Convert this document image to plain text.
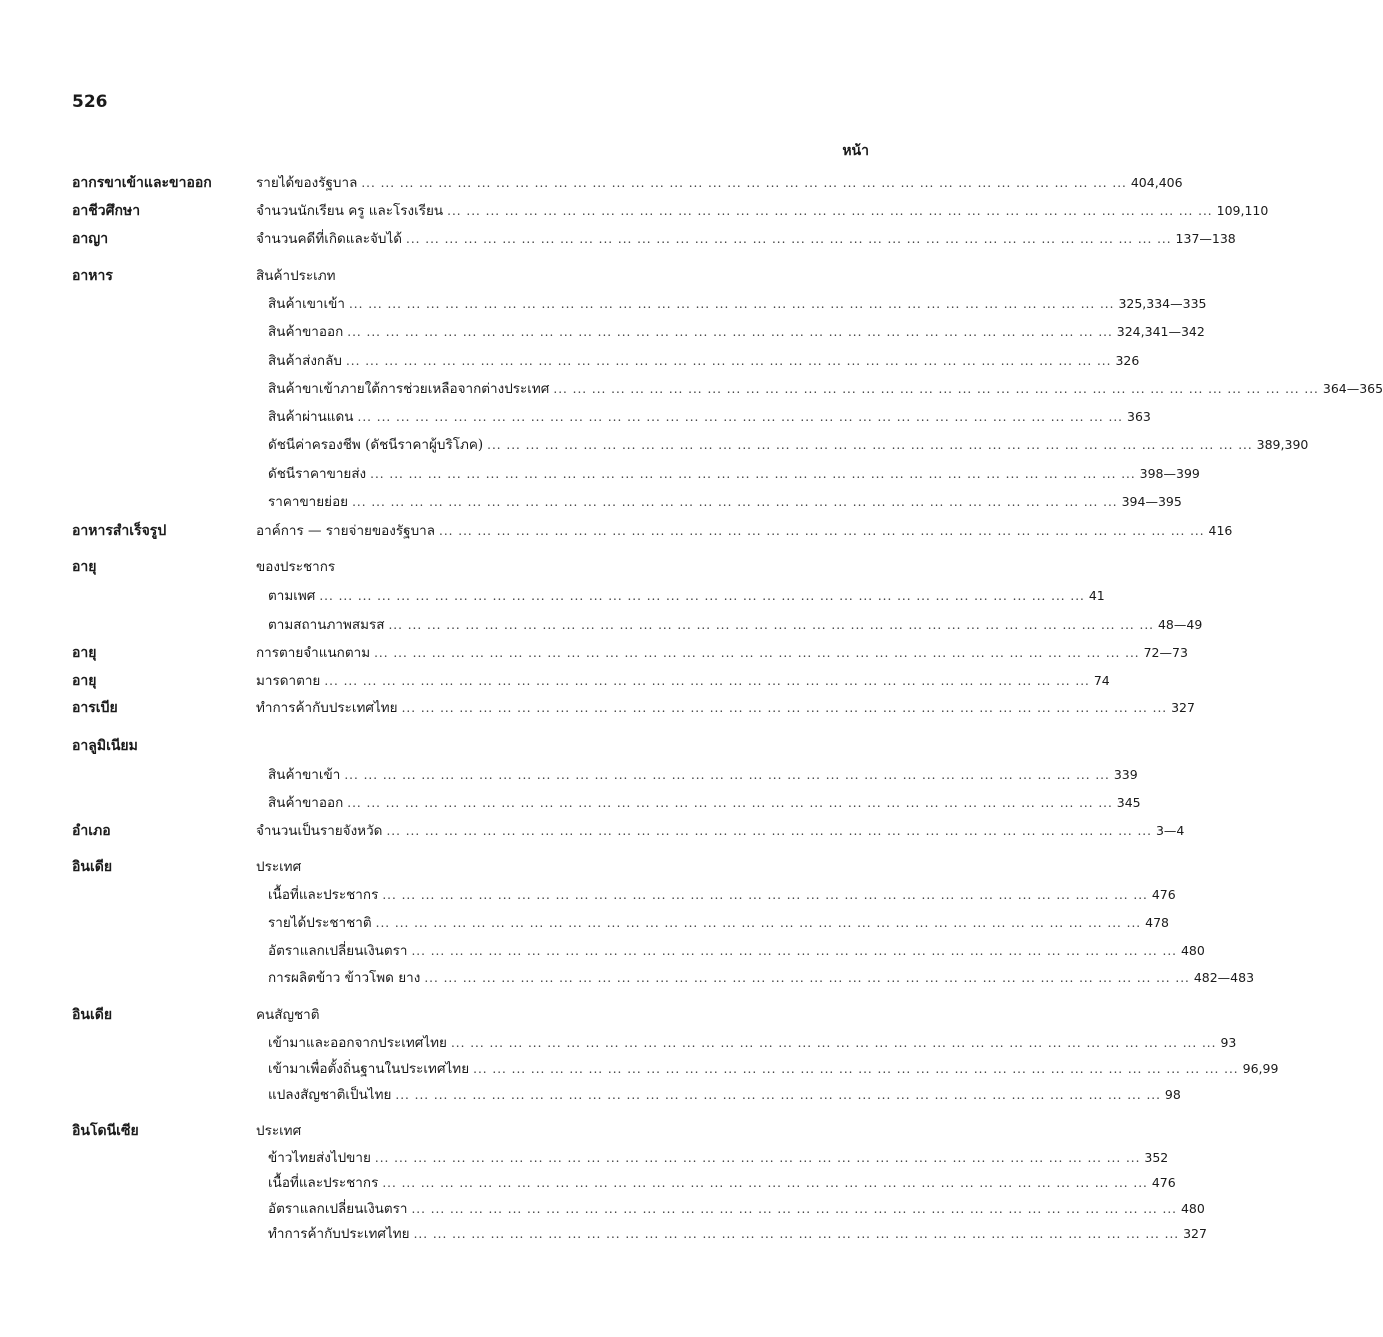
526
หน้า
อากรขาเข้าและขาออก	รายได้ของรัฐบาล ... ... ... ... ... ... ... ... ... ... ... ... ... ... ... ... ... ... ... ... ... ... ... ... ... ... ... ... ... ... ... ... ... ... ... ... ... ... ... ... 404,406
อาชีวศึกษา	จำนวนนักเรียน ครู และโรงเรียน ... ... ... ... ... ... ... ... ... ... ... ... ... ... ... ... ... ... ... ... ... ... ... ... ... ... ... ... ... ... ... ... ... ... ... ... ... ... ... ... 109,110
อาญา	จำนวนคดีที่เกิดและจับได้ ... ... ... ... ... ... ... ... ... ... ... ... ... ... ... ... ... ... ... ... ... ... ... ... ... ... ... ... ... ... ... ... ... ... ... ... ... ... ... ... 137—138
อาหาร	สินค้าประเภท
สินค้าเขาเข้า ... ... ... ... ... ... ... ... ... ... ... ... ... ... ... ... ... ... ... ... ... ... ... ... ... ... ... ... ... ... ... ... ... ... ... ... ... ... ... ... 325,334—335
สินค้าขาออก ... ... ... ... ... ... ... ... ... ... ... ... ... ... ... ... ... ... ... ... ... ... ... ... ... ... ... ... ... ... ... ... ... ... ... ... ... ... ... ... 324,341—342
สินค้าส่งกลับ ... ... ... ... ... ... ... ... ... ... ... ... ... ... ... ... ... ... ... ... ... ... ... ... ... ... ... ... ... ... ... ... ... ... ... ... ... ... ... ... 326
สินค้าขาเข้าภายใต้การช่วยเหลือจากต่างประเทศ ... ... ... ... ... ... ... ... ... ... ... ... ... ... ... ... ... ... ... ... ... ... ... ... ... ... ... ... ... ... ... ... ... ... ... ... ... ... ... ... 364—365
สินค้าผ่านแดน ... ... ... ... ... ... ... ... ... ... ... ... ... ... ... ... ... ... ... ... ... ... ... ... ... ... ... ... ... ... ... ... ... ... ... ... ... ... ... ... 363
ดัชนีค่าครองชีพ (ดัชนีราคาผู้บริโภค) ... ... ... ... ... ... ... ... ... ... ... ... ... ... ... ... ... ... ... ... ... ... ... ... ... ... ... ... ... ... ... ... ... ... ... ... ... ... ... ... 389,390
ดัชนีราคาขายส่ง ... ... ... ... ... ... ... ... ... ... ... ... ... ... ... ... ... ... ... ... ... ... ... ... ... ... ... ... ... ... ... ... ... ... ... ... ... ... ... ... 398—399
ราคาขายย่อย ... ... ... ... ... ... ... ... ... ... ... ... ... ... ... ... ... ... ... ... ... ... ... ... ... ... ... ... ... ... ... ... ... ... ... ... ... ... ... ... 394—395
อาหารสำเร็จรูป	อาค์การ — รายจ่ายของรัฐบาล ... ... ... ... ... ... ... ... ... ... ... ... ... ... ... ... ... ... ... ... ... ... ... ... ... ... ... ... ... ... ... ... ... ... ... ... ... ... ... ... 416
อายุ	ของประชากร
ตามเพศ ... ... ... ... ... ... ... ... ... ... ... ... ... ... ... ... ... ... ... ... ... ... ... ... ... ... ... ... ... ... ... ... ... ... ... ... ... ... ... ... 41
ตามสถานภาพสมรส ... ... ... ... ... ... ... ... ... ... ... ... ... ... ... ... ... ... ... ... ... ... ... ... ... ... ... ... ... ... ... ... ... ... ... ... ... ... ... ... 48—49
อายุ	การตายจำแนกตาม ... ... ... ... ... ... ... ... ... ... ... ... ... ... ... ... ... ... ... ... ... ... ... ... ... ... ... ... ... ... ... ... ... ... ... ... ... ... ... ... 72—73
อายุ	มารดาตาย ... ... ... ... ... ... ... ... ... ... ... ... ... ... ... ... ... ... ... ... ... ... ... ... ... ... ... ... ... ... ... ... ... ... ... ... ... ... ... ... 74
อารเบีย	ทำการค้ากับประเทศไทย ... ... ... ... ... ... ... ... ... ... ... ... ... ... ... ... ... ... ... ... ... ... ... ... ... ... ... ... ... ... ... ... ... ... ... ... ... ... ... ... 327
อาลูมิเนียม
สินค้าขาเข้า ... ... ... ... ... ... ... ... ... ... ... ... ... ... ... ... ... ... ... ... ... ... ... ... ... ... ... ... ... ... ... ... ... ... ... ... ... ... ... ... 339
สินค้าขาออก ... ... ... ... ... ... ... ... ... ... ... ... ... ... ... ... ... ... ... ... ... ... ... ... ... ... ... ... ... ... ... ... ... ... ... ... ... ... ... ... 345
อำเภอ	จำนวนเป็นรายจังหวัด ... ... ... ... ... ... ... ... ... ... ... ... ... ... ... ... ... ... ... ... ... ... ... ... ... ... ... ... ... ... ... ... ... ... ... ... ... ... ... ... 3—4
อินเดีย	ประเทศ
เนื้อที่และประชากร ... ... ... ... ... ... ... ... ... ... ... ... ... ... ... ... ... ... ... ... ... ... ... ... ... ... ... ... ... ... ... ... ... ... ... ... ... ... ... ... 476
รายได้ประชาชาติ ... ... ... ... ... ... ... ... ... ... ... ... ... ... ... ... ... ... ... ... ... ... ... ... ... ... ... ... ... ... ... ... ... ... ... ... ... ... ... ... 478
อัตราแลกเปลี่ยนเงินตรา ... ... ... ... ... ... ... ... ... ... ... ... ... ... ... ... ... ... ... ... ... ... ... ... ... ... ... ... ... ... ... ... ... ... ... ... ... ... ... ... 480
การผลิตข้าว ข้าวโพด ยาง ... ... ... ... ... ... ... ... ... ... ... ... ... ... ... ... ... ... ... ... ... ... ... ... ... ... ... ... ... ... ... ... ... ... ... ... ... ... ... ... 482—483
อินเดีย	คนสัญชาติ
เข้ามาและออกจากประเทศไทย ... ... ... ... ... ... ... ... ... ... ... ... ... ... ... ... ... ... ... ... ... ... ... ... ... ... ... ... ... ... ... ... ... ... ... ... ... ... ... ... 93
เข้ามาเพื่อตั้งถิ่นฐานในประเทศไทย ... ... ... ... ... ... ... ... ... ... ... ... ... ... ... ... ... ... ... ... ... ... ... ... ... ... ... ... ... ... ... ... ... ... ... ... ... ... ... ... 96,99
แปลงสัญชาติเป็นไทย ... ... ... ... ... ... ... ... ... ... ... ... ... ... ... ... ... ... ... ... ... ... ... ... ... ... ... ... ... ... ... ... ... ... ... ... ... ... ... ... 98
อินโดนีเซีย	ประเทศ
ข้าวไทยส่งไปขาย ... ... ... ... ... ... ... ... ... ... ... ... ... ... ... ... ... ... ... ... ... ... ... ... ... ... ... ... ... ... ... ... ... ... ... ... ... ... ... ... 352
เนื้อที่และประชากร ... ... ... ... ... ... ... ... ... ... ... ... ... ... ... ... ... ... ... ... ... ... ... ... ... ... ... ... ... ... ... ... ... ... ... ... ... ... ... ... 476
อัตราแลกเปลี่ยนเงินตรา ... ... ... ... ... ... ... ... ... ... ... ... ... ... ... ... ... ... ... ... ... ... ... ... ... ... ... ... ... ... ... ... ... ... ... ... ... ... ... ... 480
ทำการค้ากับประเทศไทย ... ... ... ... ... ... ... ... ... ... ... ... ... ... ... ... ... ... ... ... ... ... ... ... ... ... ... ... ... ... ... ... ... ... ... ... ... ... ... ... 327
